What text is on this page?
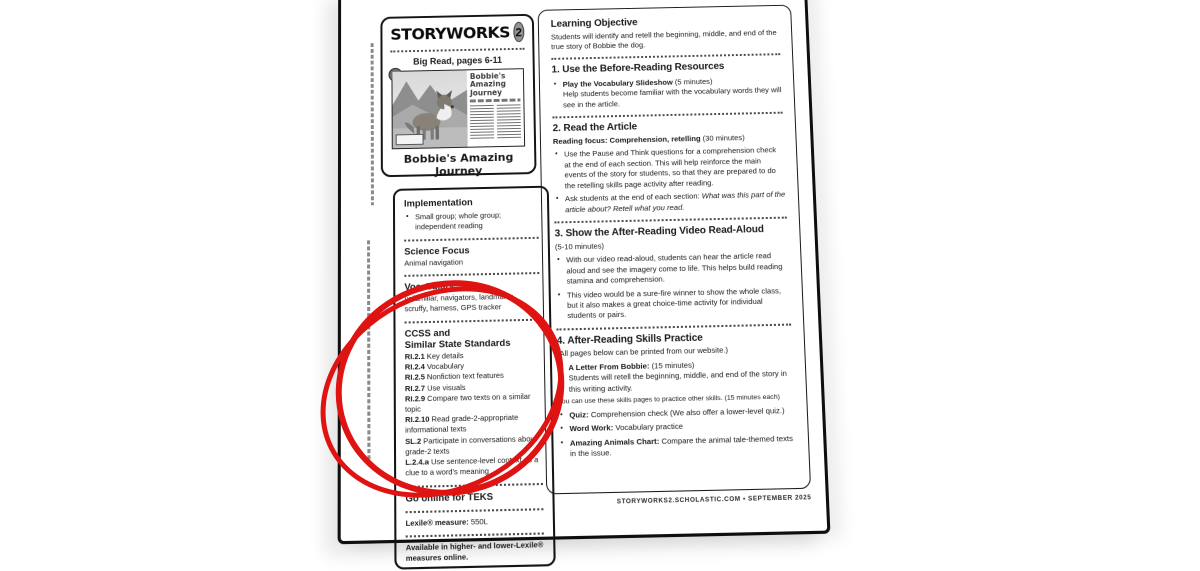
STORYWORKS 2
Big Read, pages 6-11
Bobbie's Amazing Journey
Bobbie's Amazing Journey
Implementation
• Small group; whole group; independent reading
Science Focus
Animal navigation
Vocabulary
unfamiliar, navigators, landmarks, scruffy, harness, GPS tracker
CCSS and
Similar State Standards

RI.2.1 Key details

RI.2.4 Vocabulary

RI.2.5 Nonfiction text features

RI.2.7 Use visuals

RI.2.9 Compare two texts on a similar topic

RI.2.10 Read grade-2-appropriate informational texts

SL.2 Participate in conversations about grade-2 texts

L.2.4.a Use sentence-level context as a clue to a word's meaning

Go online for TEKS
Lexile® measure: 550L
Available in higher- and lower-Lexile® measures online.
Learning Objective
Students will identify and retell the beginning, middle, and end of the true story of Bobbie the dog.
1. Use the Before-Reading Resources
• Play the Vocabulary Slideshow (5 minutes)
Help students become familiar with the vocabulary words they will see in the article.
2. Read the Article
Reading focus: Comprehension, retelling (30 minutes)
• Use the Pause and Think questions for a comprehension check at the end of each section. This will help reinforce the main events of the story for students, so that they are prepared to do the retelling skills page activity after reading.
• Ask students at the end of each section: What was this part of the article about? Retell what you read.
3. Show the After-Reading Video Read-Aloud
(5-10 minutes)
• With our video read-aloud, students can hear the article read aloud and see the imagery come to life. This helps build reading stamina and comprehension.
• This video would be a sure-fire winner to show the whole class, but it also makes a great choice-time activity for individual students or pairs.
4. After-Reading Skills Practice
(All pages below can be printed from our website.)
• A Letter From Bobbie: (15 minutes)
Students will retell the beginning, middle, and end of the story in this writing activity.
You can use these skills pages to practice other skills. (15 minutes each)
• Quiz: Comprehension check (We also offer a lower-level quiz.)
• Word Work: Vocabulary practice
• Amazing Animals Chart: Compare the animal tale-themed texts in the issue.
STORYWORKS2.SCHOLASTIC.COM • SEPTEMBER 2025
